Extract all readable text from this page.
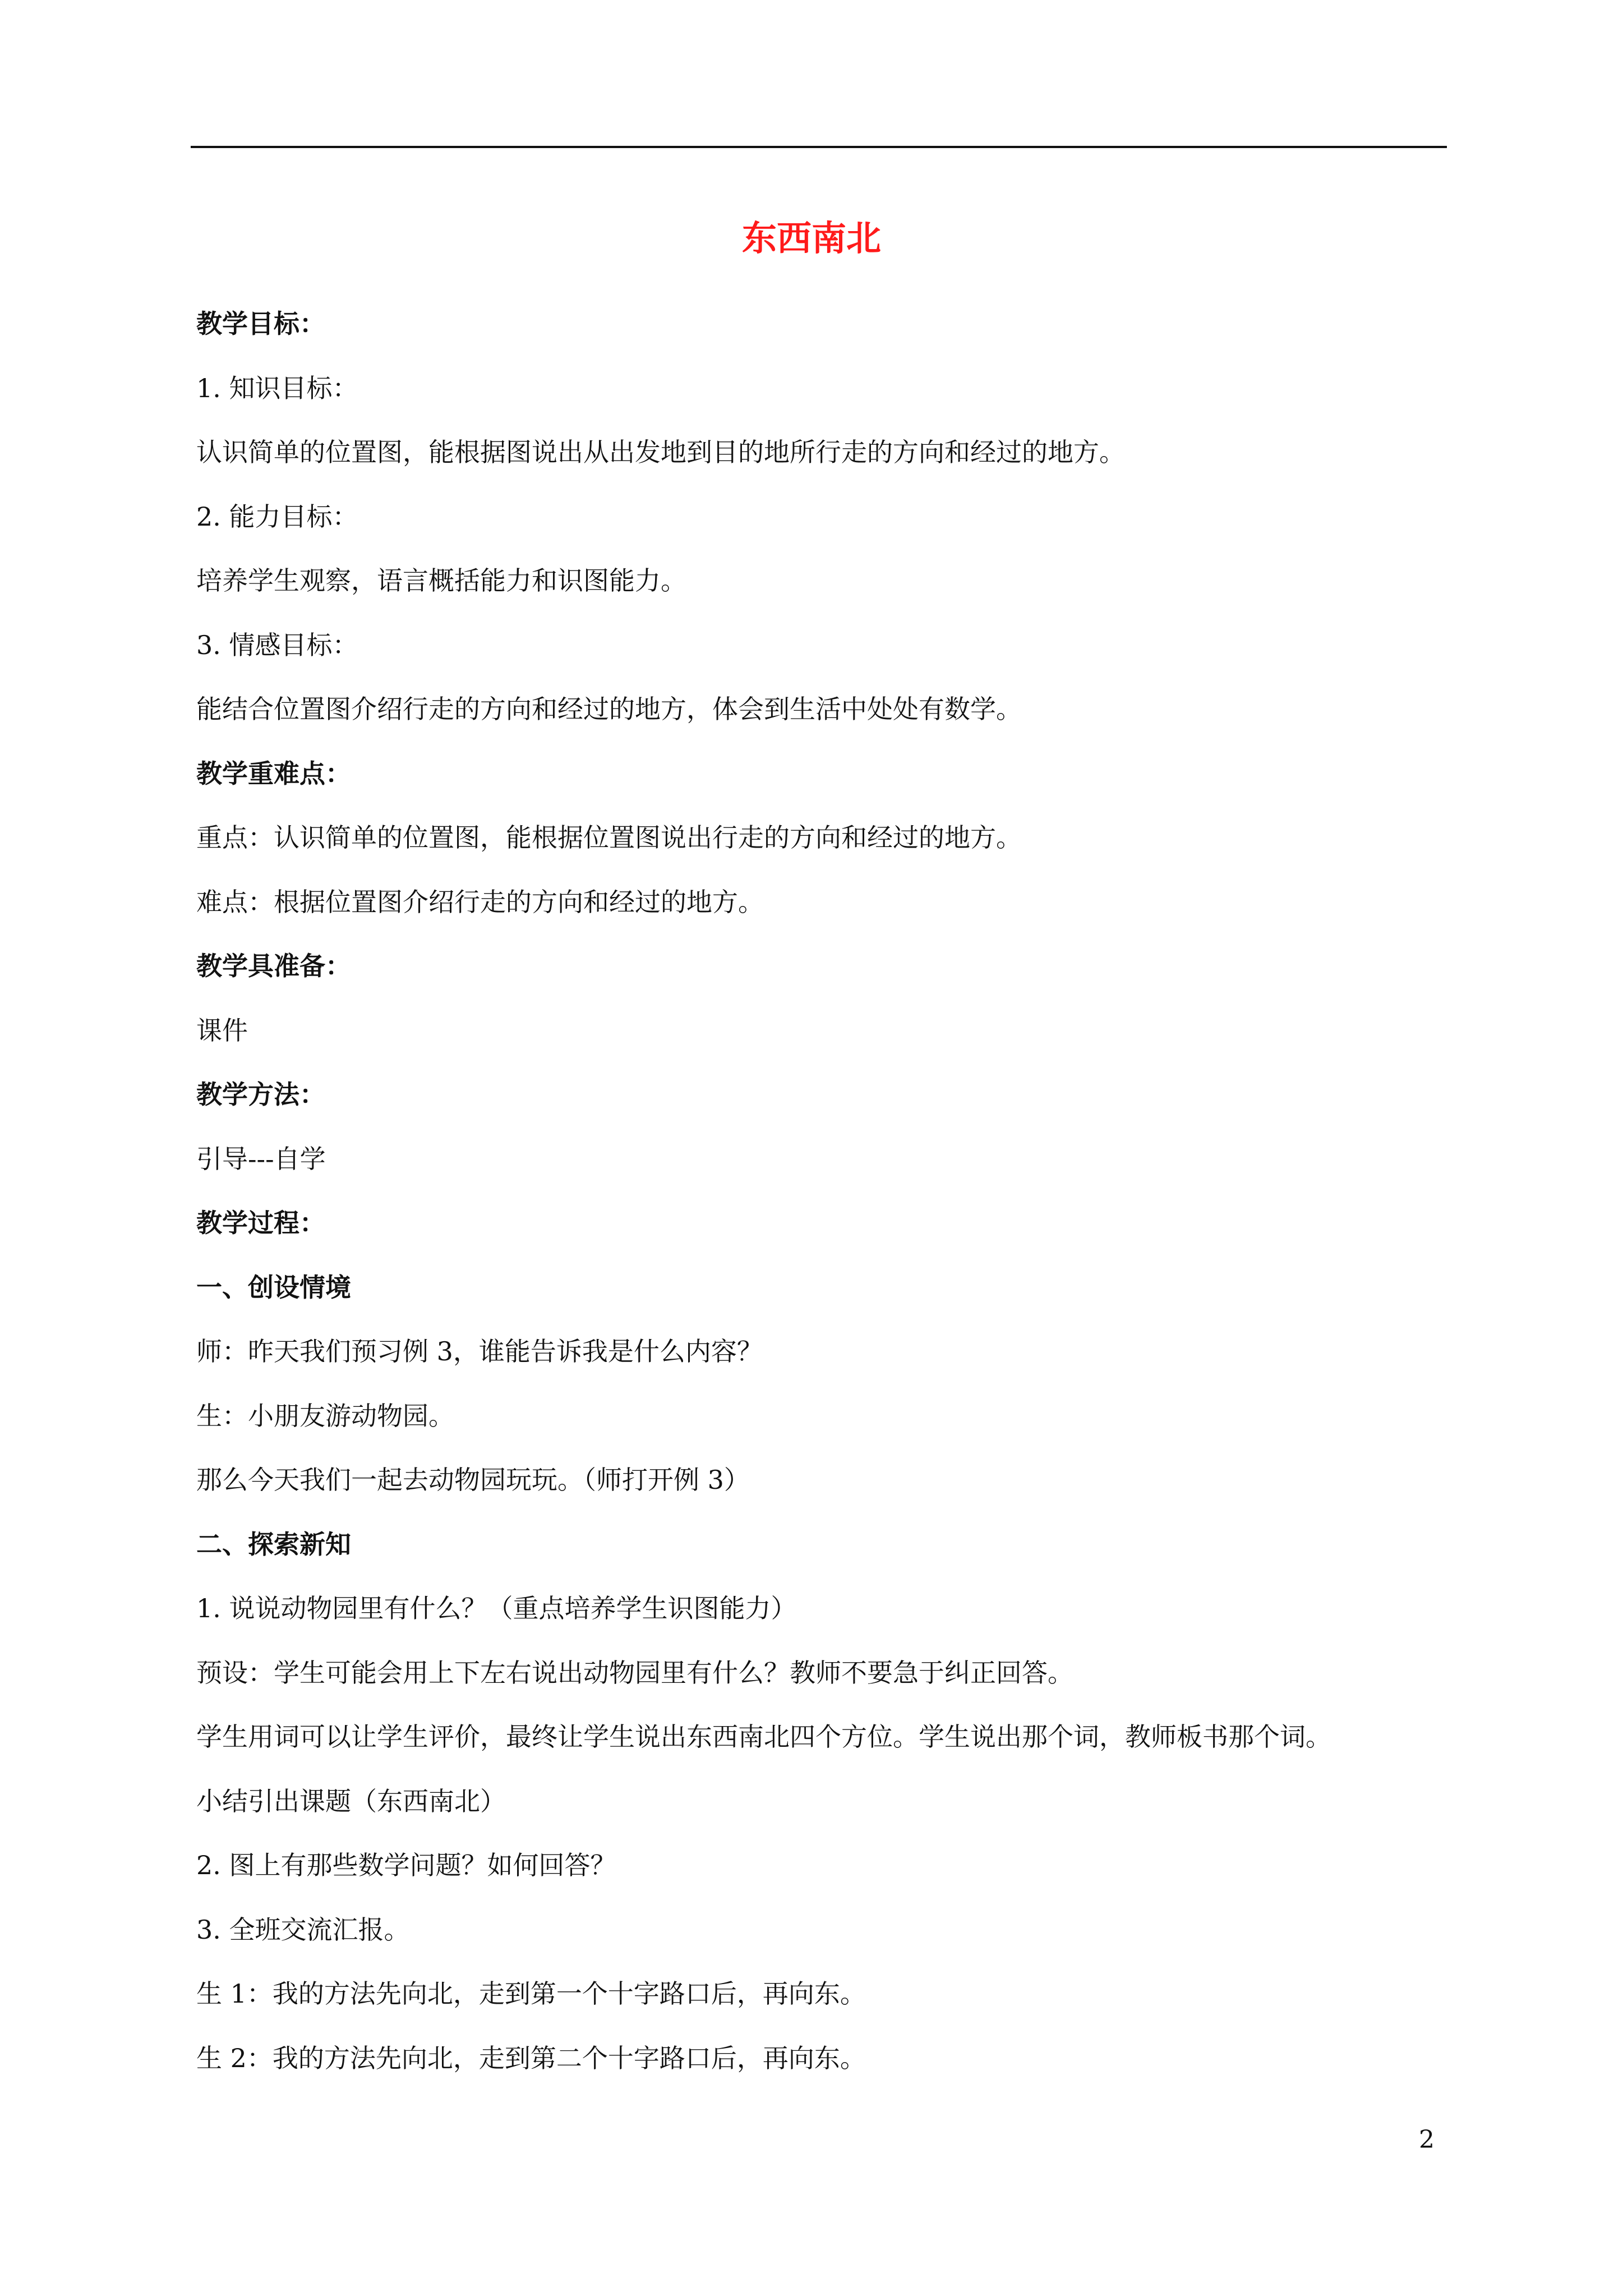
东西南北
教学目标：
1. 知识目标：
认识简单的位置图，能根据图说出从出发地到目的地所行走的方向和经过的地方。
2. 能力目标：
培养学生观察，语言概括能力和识图能力。
3. 情感目标：
能结合位置图介绍行走的方向和经过的地方，体会到生活中处处有数学。
教学重难点：
重点：认识简单的位置图，能根据位置图说出行走的方向和经过的地方。
难点：根据位置图介绍行走的方向和经过的地方。
教学具准备：
课件
教学方法：
引导---自学
教学过程：
一、创设情境
师：昨天我们预习例 3，谁能告诉我是什么内容？
生：小朋友游动物园。
那么今天我们一起去动物园玩玩。（师打开例 3）
二、探索新知
1. 说说动物园里有什么？（重点培养学生识图能力）
预设：学生可能会用上下左右说出动物园里有什么？教师不要急于纠正回答。
学生用词可以让学生评价，最终让学生说出东西南北四个方位。学生说出那个词，教师板书那个词。
小结引出课题（东西南北）
2. 图上有那些数学问题？如何回答？
3. 全班交流汇报。
生 1：我的方法先向北，走到第一个十字路口后，再向东。
生 2：我的方法先向北，走到第二个十字路口后，再向东。
2
